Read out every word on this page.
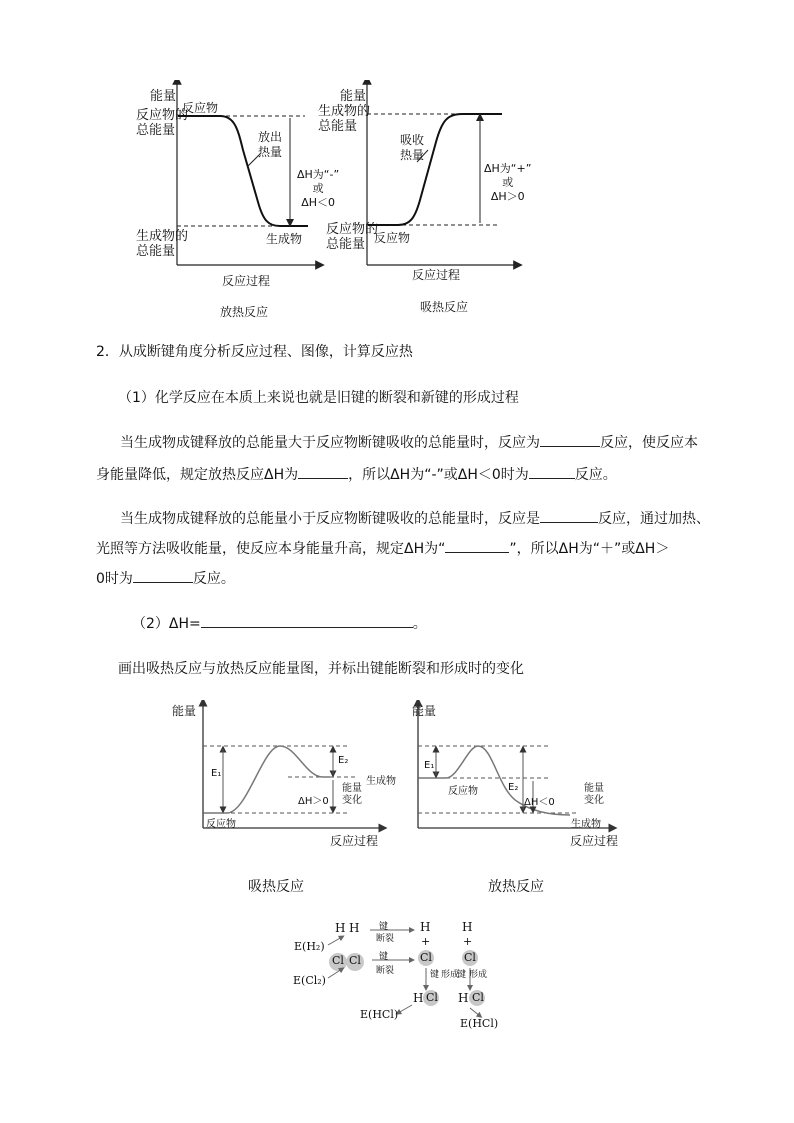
能量
反应物的
总能量
反应物
放出
热量
ΔH为“-”
或
ΔH＜0
生成物的
总能量
生成物
反应过程
放热反应
能量
生成物的
总能量
吸收
热量
ΔH为“+”
或
ΔH＞0
反应物的
总能量 反应物
反应过程
吸热反应
2．从成断键角度分析反应过程、图像，计算反应热
（1）化学反应在本质上来说也就是旧键的断裂和新键的形成过程
当生成物成键释放的总能量大于反应物断键吸收的总能量时，反应为	反应，使反应本
身能量降低，规定放热反应ΔH为	，所以ΔH为“-”或ΔH＜0时为	反应。
当生成物成键释放的总能量小于反应物断键吸收的总能量时，反应是	反应，通过加热、
光照等方法吸收能量，使反应本身能量升高，规定ΔH为“	”，所以ΔH为“＋”或ΔH＞
0时为	反应。
（2）ΔH=	。
画出吸热反应与放热反应能量图，并标出键能断裂和形成时的变化
能量
E₁
E₂
生成物
ΔH＞0
能量
变化
反应物
反应过程
吸热反应
能量
E₁
E₂
反应物
ΔH＜0
能量
变化
生成物
反应过程
放热反应
H H
E(H₂)
E(Cl₂)
Cl Cl
键
断裂
键
断裂
H
+
Cl
H
+
Cl
键 形成
键 形成
H Cl H Cl
E(HCl)
E(HCl)
